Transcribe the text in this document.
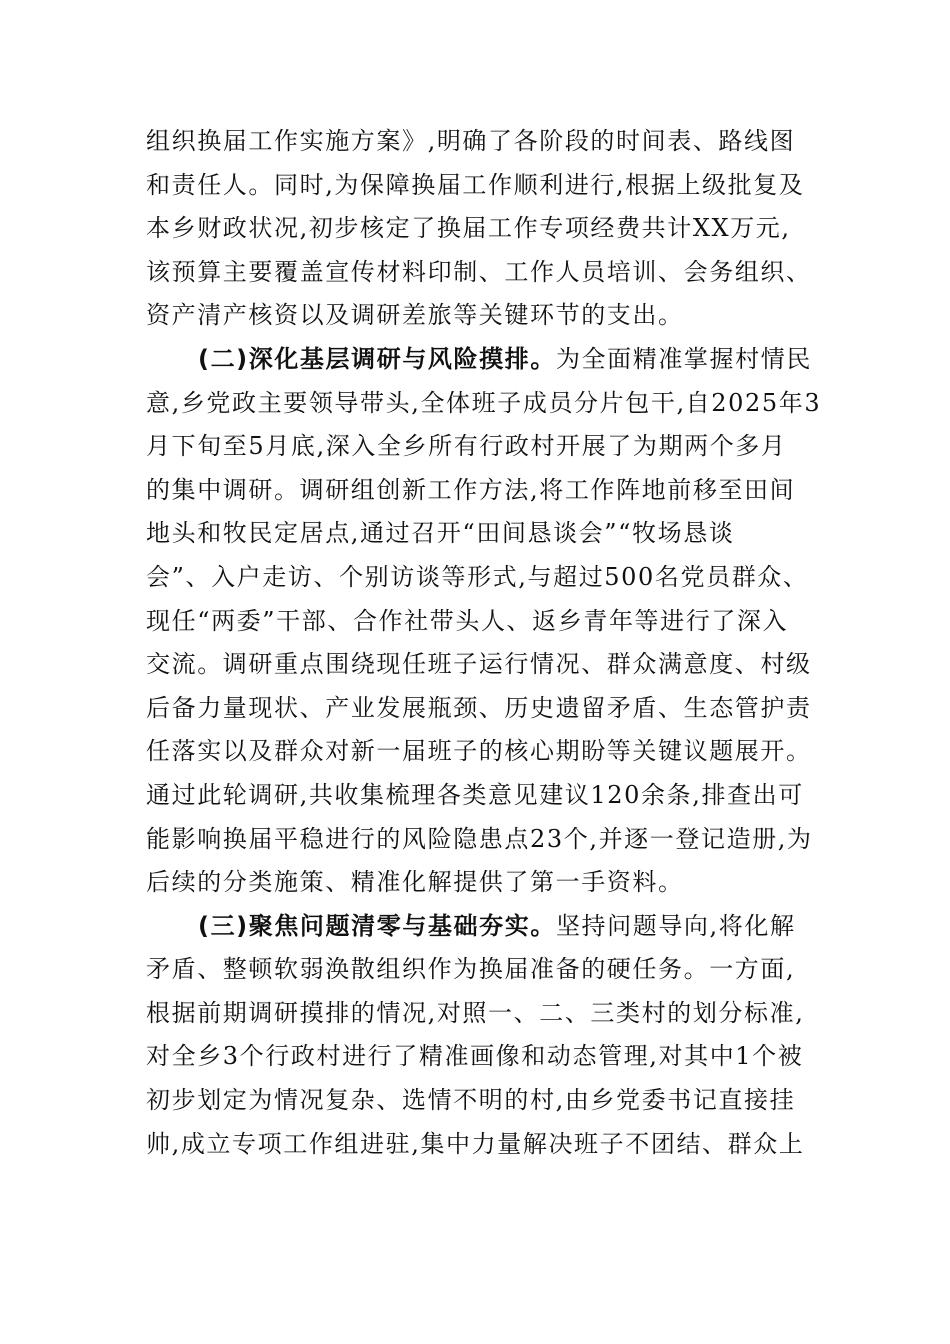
组织换届工作实施方案》,明确了各阶段的时间表、路线图
和责任人。同时,为保障换届工作顺利进行,根据上级批复及
本乡财政状况,初步核定了换届工作专项经费共计XX万元,
该预算主要覆盖宣传材料印制、工作人员培训、会务组织、
资产清产核资以及调研差旅等关键环节的支出。
(二)深化基层调研与风险摸排。为全面精准掌握村情民
意,乡党政主要领导带头,全体班子成员分片包干,自2025年3
月下旬至5月底,深入全乡所有行政村开展了为期两个多月
的集中调研。调研组创新工作方法,将工作阵地前移至田间
地头和牧民定居点,通过召开“田间恳谈会”“牧场恳谈
会”、入户走访、个别访谈等形式,与超过500名党员群众、
现任“两委”干部、合作社带头人、返乡青年等进行了深入
交流。调研重点围绕现任班子运行情况、群众满意度、村级
后备力量现状、产业发展瓶颈、历史遗留矛盾、生态管护责
任落实以及群众对新一届班子的核心期盼等关键议题展开。
通过此轮调研,共收集梳理各类意见建议120余条,排查出可
能影响换届平稳进行的风险隐患点23个,并逐一登记造册,为
后续的分类施策、精准化解提供了第一手资料。
(三)聚焦问题清零与基础夯实。坚持问题导向,将化解
矛盾、整顿软弱涣散组织作为换届准备的硬任务。一方面,
根据前期调研摸排的情况,对照一、二、三类村的划分标准,
对全乡3个行政村进行了精准画像和动态管理,对其中1个被
初步划定为情况复杂、选情不明的村,由乡党委书记直接挂
帅,成立专项工作组进驻,集中力量解决班子不团结、群众上
